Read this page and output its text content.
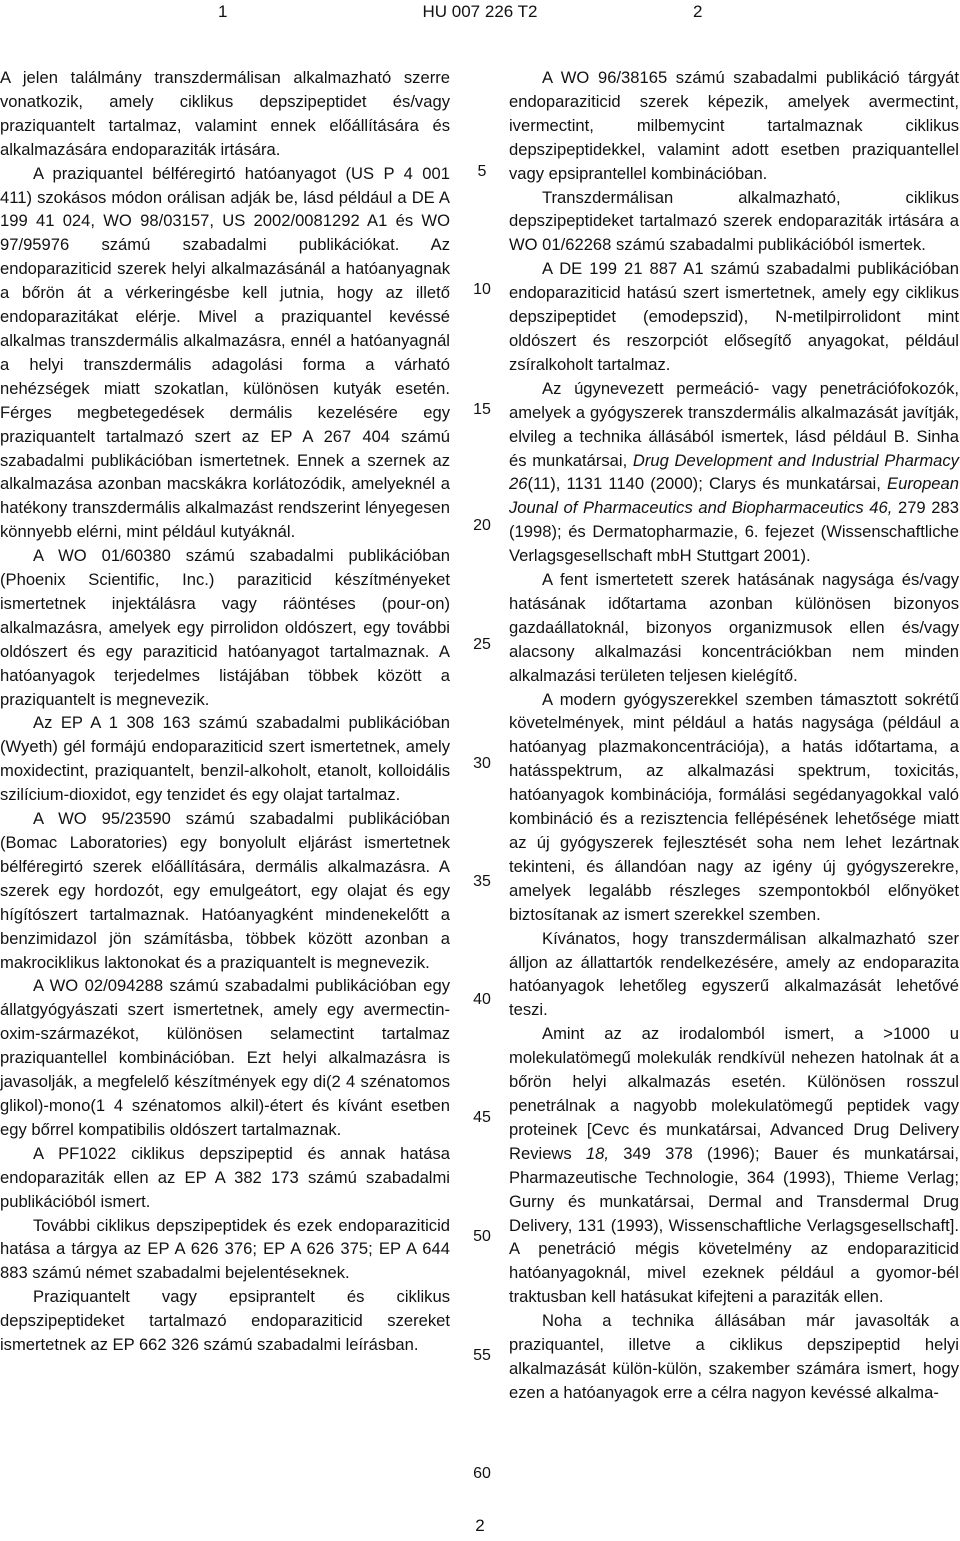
1	HU 007 226 T2	2

A jelen találmány transzdermálisan alkalmazható szerre vonatkozik, amely ciklikus depszipeptidet és/vagy praziquantelt tartalmaz, valamint ennek előállítására és alkalmazására endoparaziták irtására.

A praziquantel bélféregirtó hatóanyagot (US P 4 001 411) szokásos módon orálisan adják be, lásd például a DE A 199 41 024, WO 98/03157, US 2002/0081292 A1 és WO 97/95976 számú szabadalmi publikációkat. Az endoparaziticid szerek helyi alkalmazásánál a hatóanyagnak a bőrön át a vérkeringésbe kell jutnia, hogy az illető endoparazitákat elérje. Mivel a praziquantel kevéssé alkalmas transzdermális alkalmazásra, ennél a hatóanyagnál a helyi transzdermális adagolási forma a várható nehézségek miatt szokatlan, különösen kutyák esetén. Férges megbetegedések dermális kezelésére egy praziquantelt tartalmazó szert az EP A 267 404 számú szabadalmi publikációban ismertetnek. Ennek a szernek az alkalmazása azonban macskákra korlátozódik, amelyeknél a hatékony transzdermális alkalmazást rendszerint lényegesen könnyebb elérni, mint például kutyáknál.

A WO 01/60380 számú szabadalmi publikációban (Phoenix Scientific, Inc.) paraziticid készítményeket ismertetnek injektálásra vagy ráöntéses (pour-on) alkalmazásra, amelyek egy pirrolidon oldószert, egy további oldószert és egy paraziticid hatóanyagot tartalmaznak. A hatóanyagok terjedelmes listájában többek között a praziquantelt is megnevezik.

Az EP A 1 308 163 számú szabadalmi publikációban (Wyeth) gél formájú endoparaziticid szert ismertetnek, amely moxidectint, praziquantelt, benzil-alkoholt, etanolt, kolloidális szilícium-dioxidot, egy tenzidet és egy olajat tartalmaz.

A WO 95/23590 számú szabadalmi publikációban (Bomac Laboratories) egy bonyolult eljárást ismertetnek bélféregirtó szerek előállítására, dermális alkalmazásra. A szerek egy hordozót, egy emulgeátort, egy olajat és egy hígítószert tartalmaznak. Hatóanyagként mindenekelőtt a benzimidazol jön számításba, többek között azonban a makrociklikus laktonokat és a praziquantelt is megnevezik.

A WO 02/094288 számú szabadalmi publikációban egy állatgyógyászati szert ismertetnek, amely egy avermectin-oxim-származékot, különösen selamectint tartalmaz praziquantellel kombinációban. Ezt helyi alkalmazásra is javasolják, a megfelelő készítmények egy di(2 4 szénatomos glikol)-mono(1 4 szénatomos alkil)-étert és kívánt esetben egy bőrrel kompatibilis oldószert tartalmaznak.

A PF1022 ciklikus depszipeptid és annak hatása endoparaziták ellen az EP A 382 173 számú szabadalmi publikációból ismert.

További ciklikus depszipeptidek és ezek endoparaziticid hatása a tárgya az EP A 626 376; EP A 626 375; EP A 644 883 számú német szabadalmi bejelentéseknek.

Praziquantelt vagy epsiprantelt és ciklikus depszipeptideket tartalmazó endoparaziticid szereket ismertetnek az EP 662 326 számú szabadalmi leírásban.

A WO 96/38165 számú szabadalmi publikáció tárgyát endoparaziticid szerek képezik, amelyek avermectint, ivermectint, milbemycint tartalmaznak ciklikus depszipeptidekkel, valamint adott esetben praziquantellel vagy epsiprantellel kombinációban.

Transzdermálisan alkalmazható, ciklikus depszipeptideket tartalmazó szerek endoparaziták irtására a WO 01/62268 számú szabadalmi publikációból ismertek.

A DE 199 21 887 A1 számú szabadalmi publikációban endoparaziticid hatású szert ismertetnek, amely egy ciklikus depszipeptidet (emodepszid), N-metilpirrolidont mint oldószert és reszorpciót elősegítő anyagokat, például zsíralkoholt tartalmaz.

Az úgynevezett permeáció- vagy penetrációfokozók, amelyek a gyógyszerek transzdermális alkalmazását javítják, elvileg a technika állásából ismertek, lásd például B. Sinha és munkatársai, Drug Development and Industrial Pharmacy 26(11), 1131 1140 (2000); Clarys és munkatársai, European Jounal of Pharmaceutics and Biopharmaceutics 46, 279 283 (1998); és Dermatopharmazie, 6. fejezet (Wissenschaftliche Verlagsgesellschaft mbH Stuttgart 2001).

A fent ismertetett szerek hatásának nagysága és/vagy hatásának időtartama azonban különösen bizonyos gazdaállatoknál, bizonyos organizmusok ellen és/vagy alacsony alkalmazási koncentrációkban nem minden alkalmazási területen teljesen kielégítő.

A modern gyógyszerekkel szemben támasztott sokrétű követelmények, mint például a hatás nagysága (például a hatóanyag plazmakoncentrációja), a hatás időtartama, a hatásspektrum, az alkalmazási spektrum, toxicitás, hatóanyagok kombinációja, formálási segédanyagokkal való kombináció és a rezisztencia fellépésének lehetősége miatt az új gyógyszerek fejlesztését soha nem lehet lezártnak tekinteni, és állandóan nagy az igény új gyógyszerekre, amelyek legalább részleges szempontokból előnyöket biztosítanak az ismert szerekkel szemben.

Kívánatos, hogy transzdermálisan alkalmazható szer álljon az állattartók rendelkezésére, amely az endoparazita hatóanyagok lehetőleg egyszerű alkalmazását lehetővé teszi.

Amint az az irodalomból ismert, a >1000 u molekulatömegű molekulák rendkívül nehezen hatolnak át a bőrön helyi alkalmazás esetén. Különösen rosszul penetrálnak a nagyobb molekulatömegű peptidek vagy proteinek [Cevc és munkatársai, Advanced Drug Delivery Reviews 18, 349 378 (1996); Bauer és munkatársai, Pharmazeutische Technologie, 364 (1993), Thieme Verlag; Gurny és munkatársai, Dermal and Transdermal Drug Delivery, 131 (1993), Wissenschaftliche Verlagsgesellschaft]. A penetráció mégis követelmény az endoparaziticid hatóanyagoknál, mivel ezeknek például a gyomor-bél traktusban kell hatásukat kifejteni a paraziták ellen.

Noha a technika állásában már javasolták a praziquantel, illetve a ciklikus depszipeptid helyi alkalmazását külön-külön, szakember számára ismert, hogy ezen a hatóanyagok erre a célra nagyon kevéssé alkalma-

5
10
15
20
25
30
35
40
45
50
55
60
2
